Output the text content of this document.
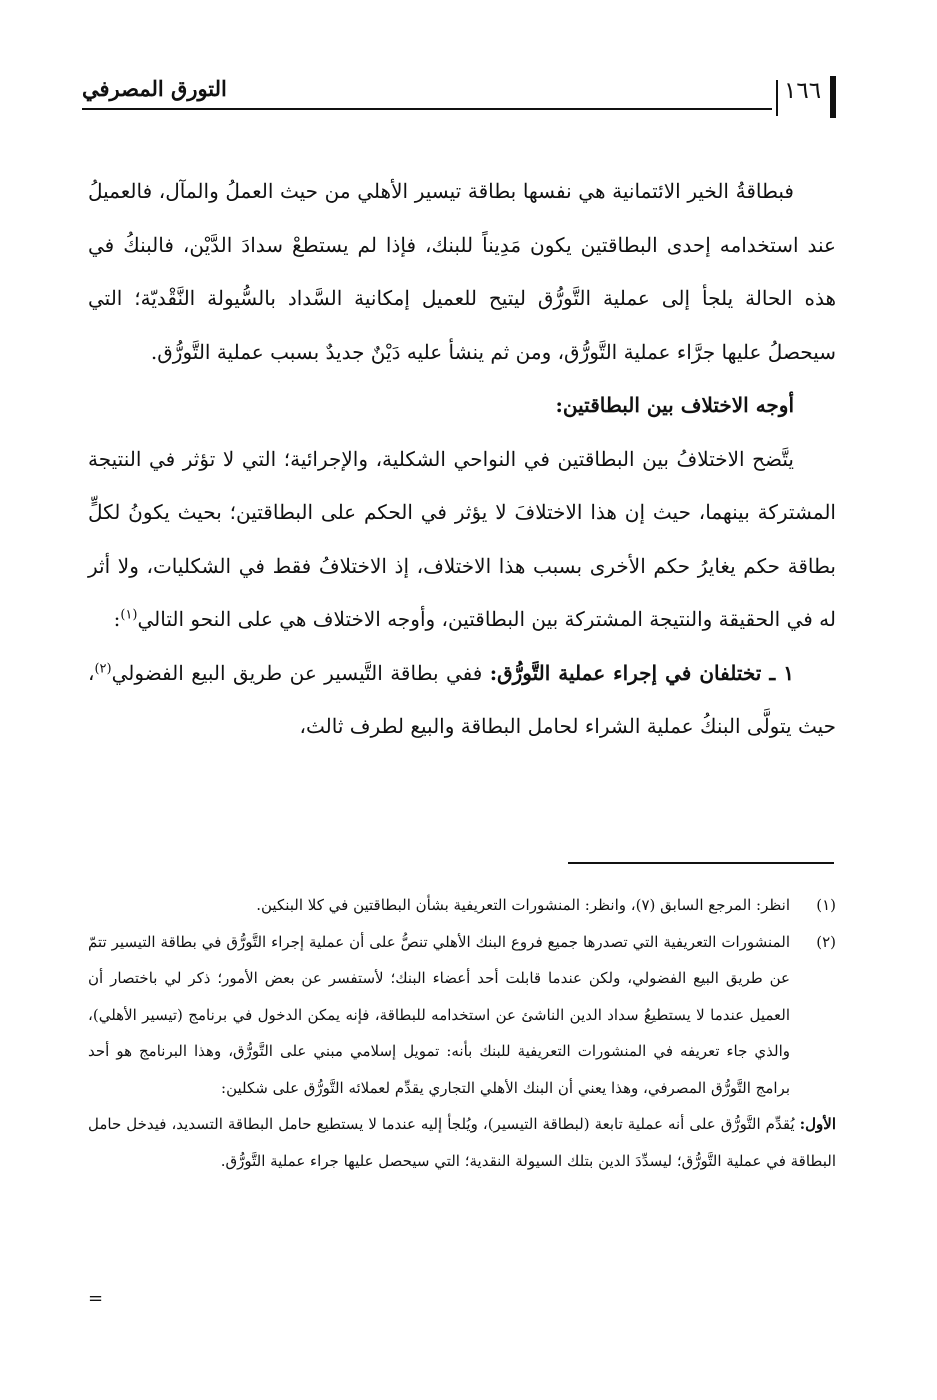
التورق المصرفي	١٦٦

فبطاقةُ الخير الائتمانية هي نفسها بطاقة تيسير الأهلي من حيث العملُ والمآل، فالعميلُ عند استخدامه إحدى البطاقتين يكون مَدِيناً للبنك، فإذا لم يستطعْ سدادَ الدَّيْن، فالبنكُ في هذه الحالة يلجأ إلى عملية التَّورُّق ليتيح للعميل إمكانية السَّداد بالسُّيولة النَّقْديّة؛ التي سيحصلُ عليها جرَّاء عملية التَّورُّق، ومن ثم ينشأ عليه دَيْنٌ جديدٌ بسبب عملية التَّورُّق.

أوجه الاختلاف بين البطاقتين:

يتَّضح الاختلافُ بين البطاقتين في النواحي الشكلية، والإجرائية؛ التي لا تؤثر في النتيجة المشتركة بينهما، حيث إن هذا الاختلافَ لا يؤثر في الحكم على البطاقتين؛ بحيث يكونُ لكلٍّ بطاقة حكم يغايرُ حكم الأخرى بسبب هذا الاختلاف، إذ الاختلافُ فقط في الشكليات، ولا أثر له في الحقيقة والنتيجة المشتركة بين البطاقتين، وأوجه الاختلاف هي على النحو التالي$^{(١)}$:

١ ـ تختلفان في إجراء عملية التَّورُّق: ففي بطاقة التَّيسير عن طريق البيع الفضولي$^{(٢)}$، حيث يتولَّى البنكُ عملية الشراء لحامل البطاقة والبيع لطرف ثالث،

(١)

انظر: المرجع السابق (٧)، وانظر: المنشورات التعريفية بشأن البطاقتين في كلا البنكين.

(٢)

المنشورات التعريفية التي تصدرها جميع فروع البنك الأهلي تنصُّ على أن عملية إجراء التَّورُّق في بطاقة التيسير تتمّ عن طريق البيع الفضولي، ولكن عندما قابلت أحد أعضاء البنك؛ لأستفسر عن بعض الأمور؛ ذكر لي باختصار أن العميل عندما لا يستطيعُ سداد الدين الناشئ عن استخدامه للبطاقة، فإنه يمكن الدخول في برنامج (تيسير الأهلي)، والذي جاء تعريفه في المنشورات التعريفية للبنك بأنه: تمويل إسلامي مبني على التَّورُّق، وهذا البرنامج هو أحد برامج التَّورُّق المصرفي، وهذا يعني أن البنك الأهلي التجاري يقدِّم لعملائه التَّورُّق على شكلين:

الأول: يُقدِّم التَّورُّق على أنه عملية تابعة (لبطاقة التيسير)، ويُلجأ إليه عندما لا يستطيع حامل البطاقة التسديد، فيدخل حامل البطاقة في عملية التَّورُّق؛ ليسدِّدَ الدين بتلك السيولة النقدية؛ التي سيحصل عليها جراء عملية التَّورُّق.

=
